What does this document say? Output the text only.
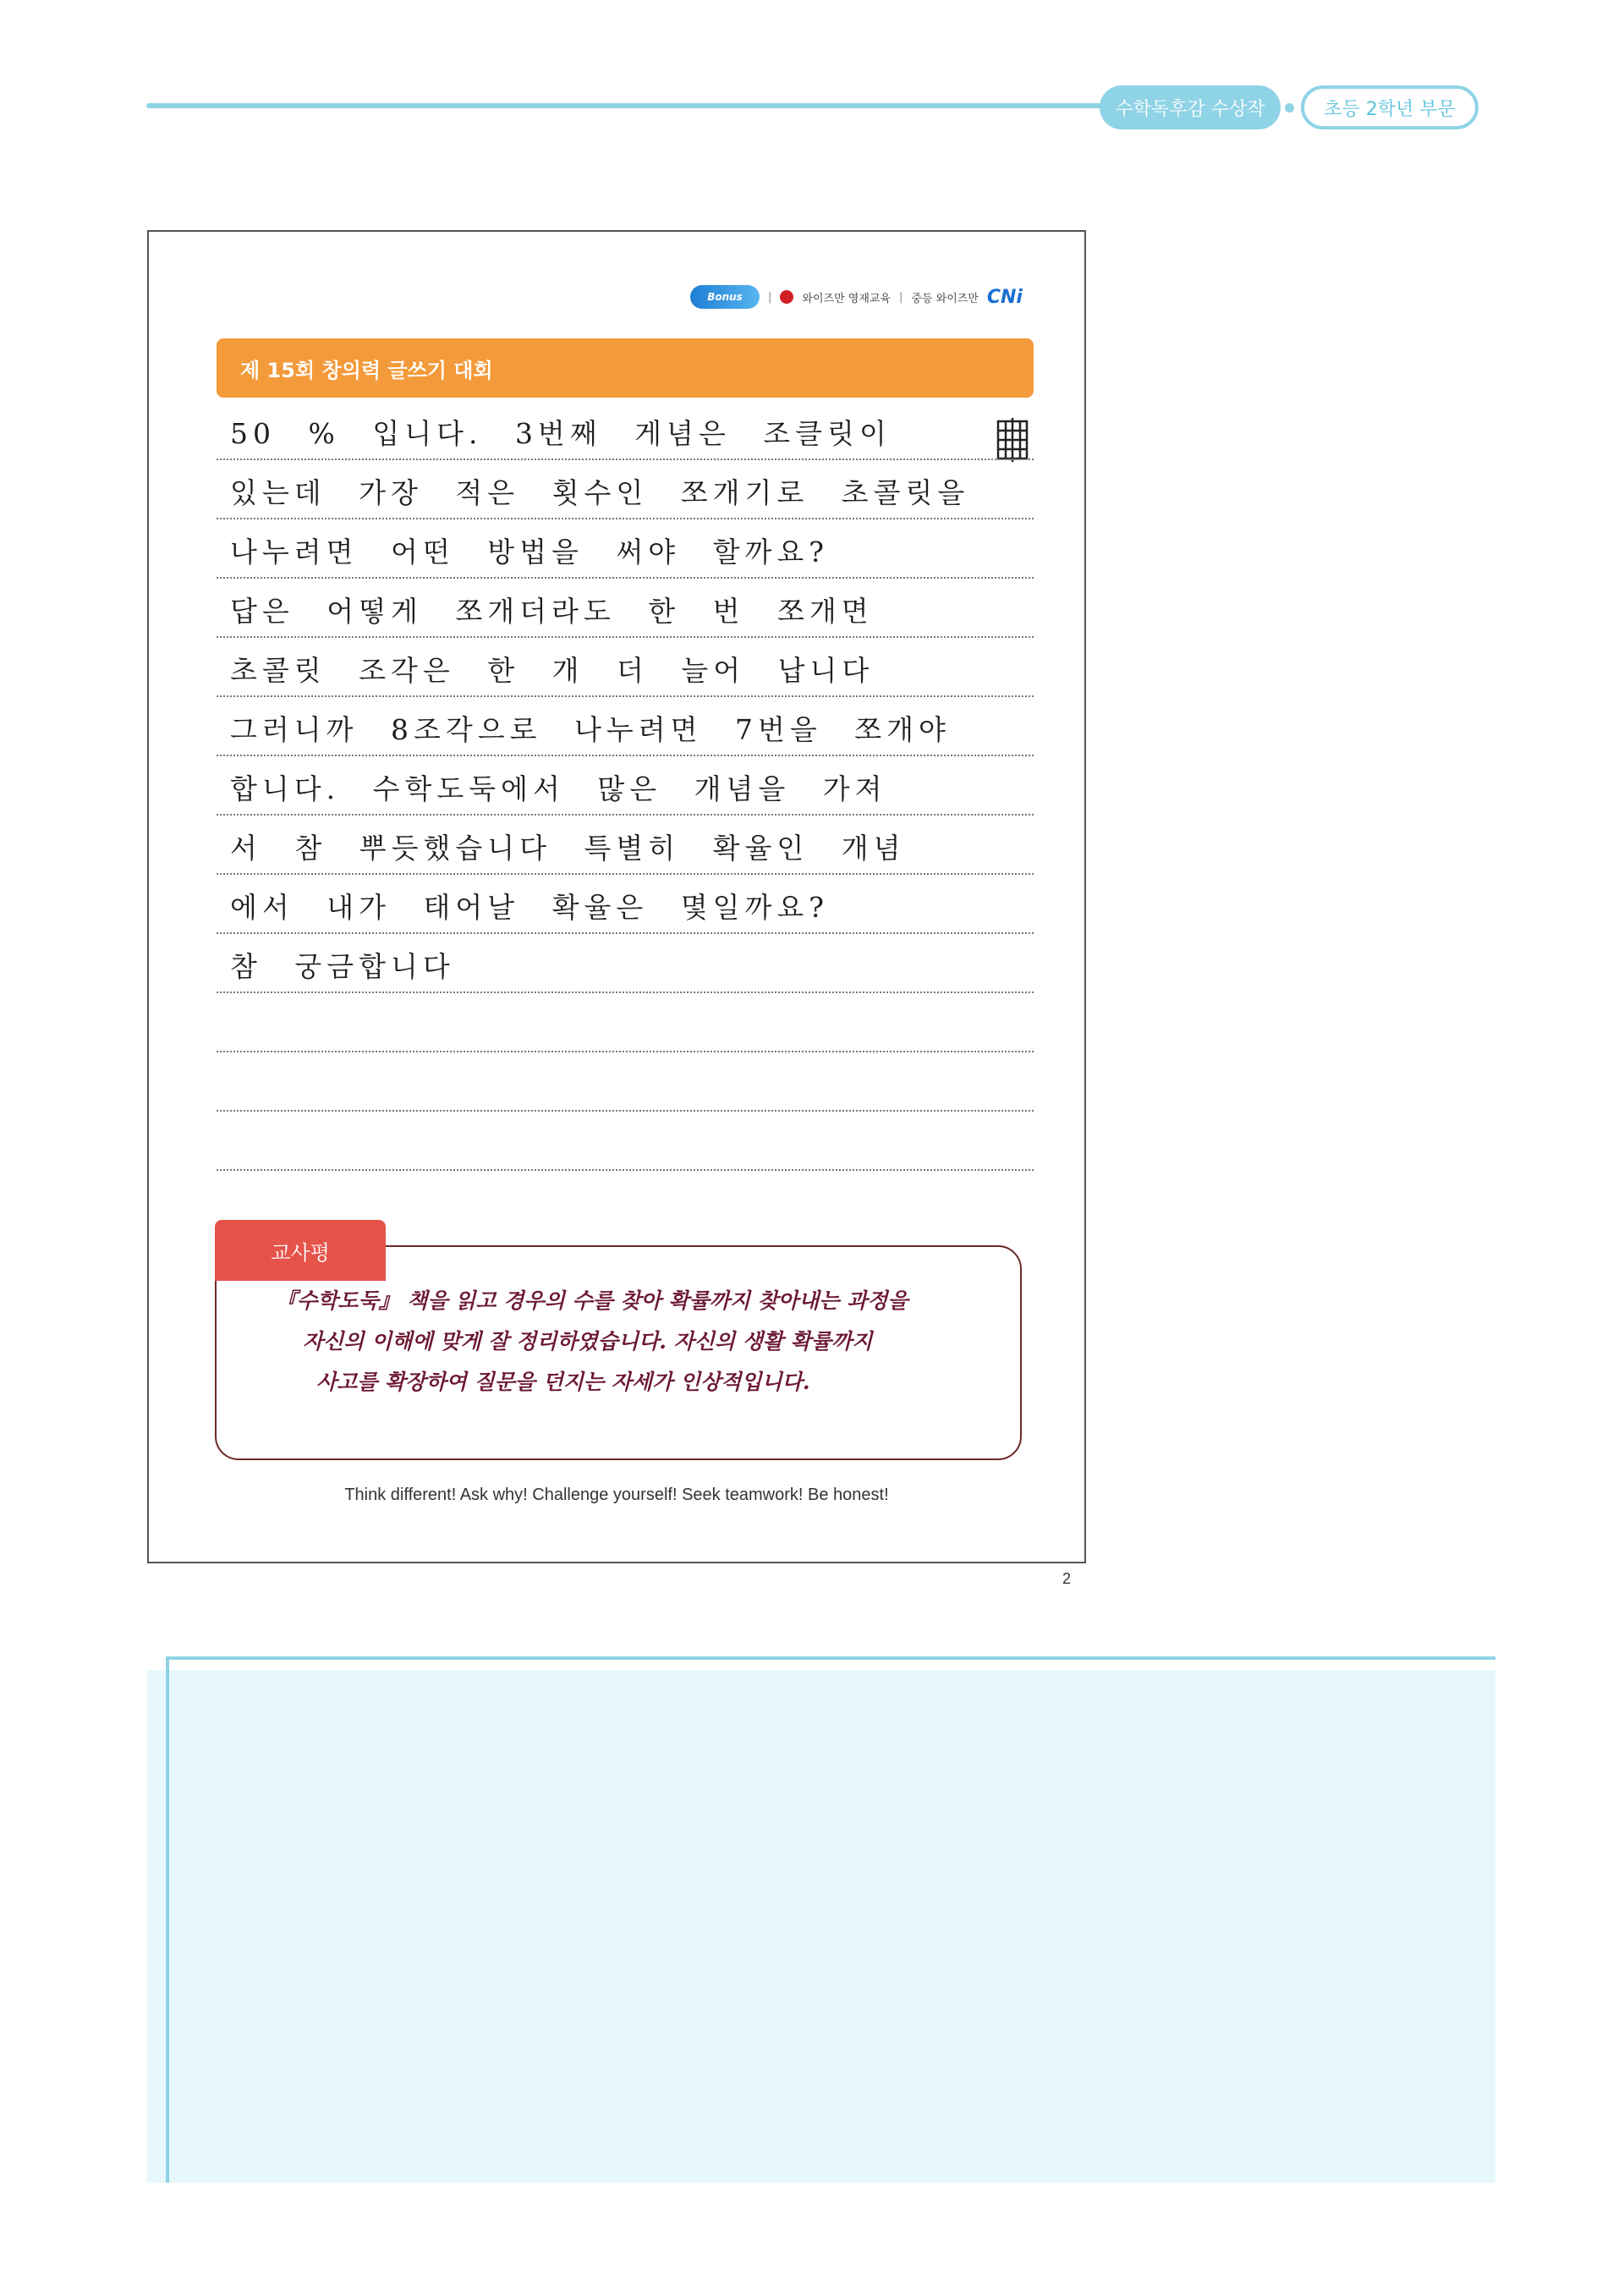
수학독후감 수상작	초등 2학년 부문
Bonus	|	와이즈만 영재교육 | 중등 와이즈만 CNi
제 15회 창의력 글쓰기 대회
50 % 입니다. 3번째 게념은 조클릿이
있는데 가장 적은 횟수인 쪼개기로 초콜릿을
나누려면 어떤 방법을 써야 할까요?
답은 어떻게 쪼개더라도 한 번 쪼개면
초콜릿 조각은 한 개 더 늘어 납니다
그러니까 8조각으로 나누려면 7번을 쪼개야
합니다. 수학도둑에서 많은 개념을 가져
서 참 뿌듯했습니다 특별히 확율인 개념
에서 내가 태어날 확율은 몇일까요?
참 궁금합니다
교사평
『수학도둑』 책을 읽고 경우의 수를 찾아 확률까지 찾아내는 과정을
자신의 이해에 맞게 잘 정리하였습니다. 자신의 생활 확률까지
사고를 확장하여 질문을 던지는 자세가 인상적입니다.
Think different! Ask why! Challenge yourself! Seek teamwork! Be honest!
2
